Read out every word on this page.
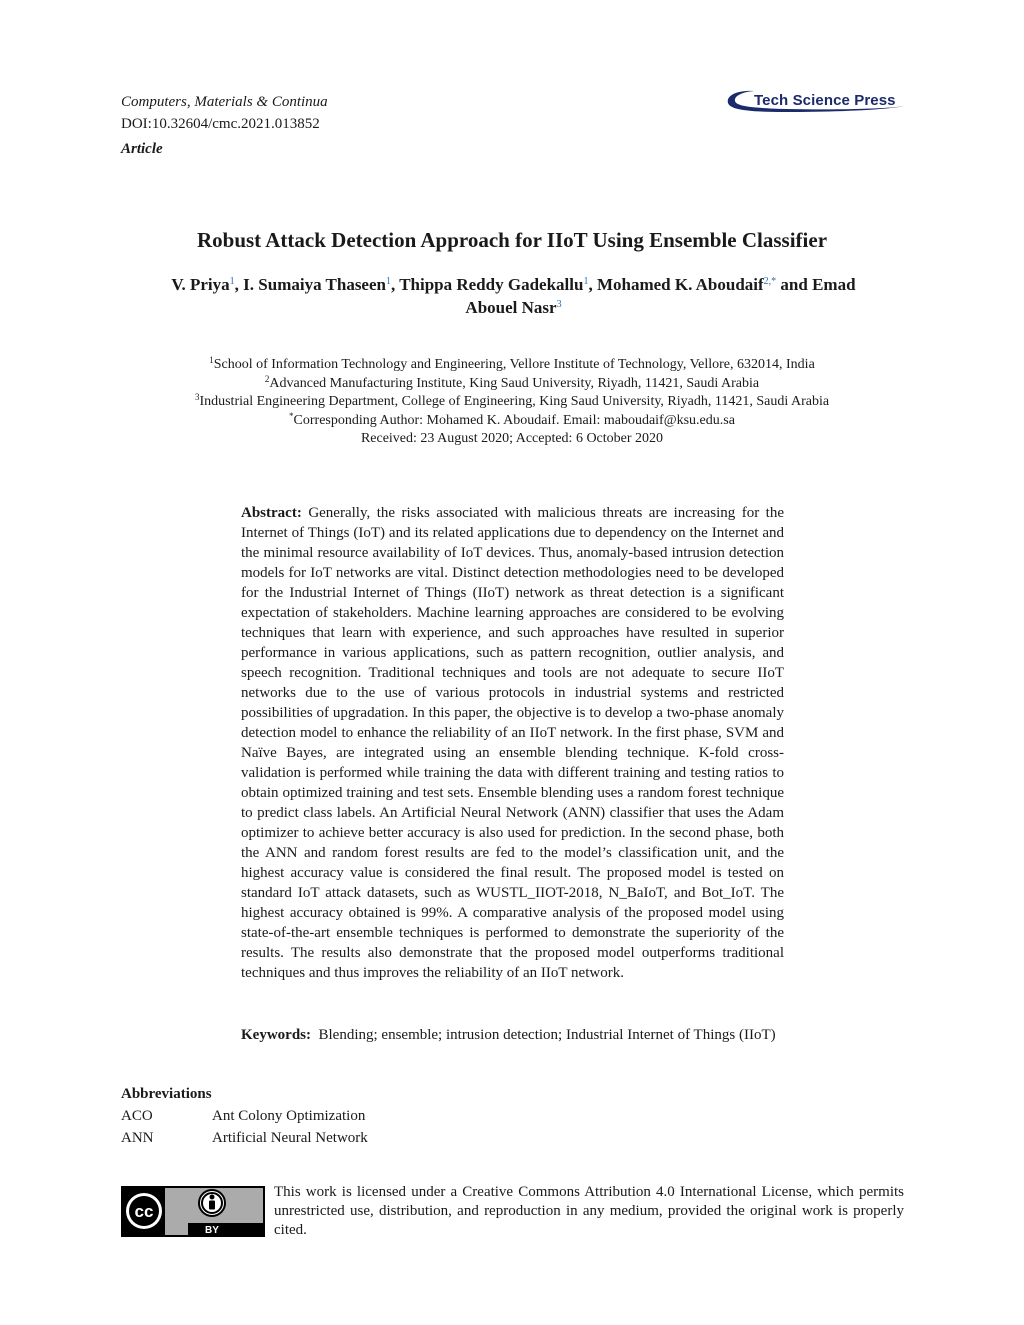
Computers, Materials & Continua
DOI:10.32604/cmc.2021.013852
Article
Tech Science Press
Robust Attack Detection Approach for IIoT Using Ensemble Classifier
V. Priya$^1$, I. Sumaiya Thaseen$^1$, Thippa Reddy Gadekallu$^1$, Mohamed K. Aboudaif$^{2,*}$ and Emad
Abouel Nasr$^3$
$^1$School of Information Technology and Engineering, Vellore Institute of Technology, Vellore, 632014, India
$^2$Advanced Manufacturing Institute, King Saud University, Riyadh, 11421, Saudi Arabia
$^3$Industrial Engineering Department, College of Engineering, King Saud University, Riyadh, 11421, Saudi Arabia
*Corresponding Author: Mohamed K. Aboudaif. Email: maboudaif@ksu.edu.sa
Received: 23 August 2020; Accepted: 6 October 2020
Abstract: Generally, the risks associated with malicious threats are increasing for the Internet of Things (IoT) and its related applications due to dependency on the Internet and the minimal resource availability of IoT devices. Thus, anomaly-based intrusion detection models for IoT networks are vital. Distinct detection methodologies need to be developed for the Industrial Internet of Things (IIoT) network as threat detection is a significant expectation of stakeholders. Machine learning approaches are considered to be evolving techniques that learn with experience, and such approaches have resulted in superior performance in various applications, such as pattern recognition, outlier analysis, and speech recognition. Traditional techniques and tools are not adequate to secure IIoT networks due to the use of various protocols in industrial systems and restricted possibilities of upgradation. In this paper, the objective is to develop a two-phase anomaly detection model to enhance the reliability of an IIoT network. In the first phase, SVM and Naïve Bayes, are integrated using an ensemble blending technique. K-fold cross-validation is performed while training the data with different training and testing ratios to obtain optimized training and test sets. Ensemble blending uses a random forest technique to predict class labels. An Artificial Neural Network (ANN) classifier that uses the Adam optimizer to achieve better accuracy is also used for prediction. In the second phase, both the ANN and random forest results are fed to the model’s classification unit, and the highest accuracy value is considered the final result. The proposed model is tested on standard IoT attack datasets, such as WUSTL_IIOT-2018, N_BaIoT, and Bot_IoT. The highest accuracy obtained is 99%. A comparative analysis of the proposed model using state-of-the-art ensemble techniques is performed to demonstrate the superiority of the results. The results also demonstrate that the proposed model outperforms traditional techniques and thus improves the reliability of an IIoT network.
Keywords: Blending; ensemble; intrusion detection; Industrial Internet of Things (IIoT)
Abbreviations
ACO	Ant Colony Optimization
ANN	Artificial Neural Network
cc
BY
This work is licensed under a Creative Commons Attribution 4.0 International License, which permits unrestricted use, distribution, and reproduction in any medium, provided the original work is properly cited.
